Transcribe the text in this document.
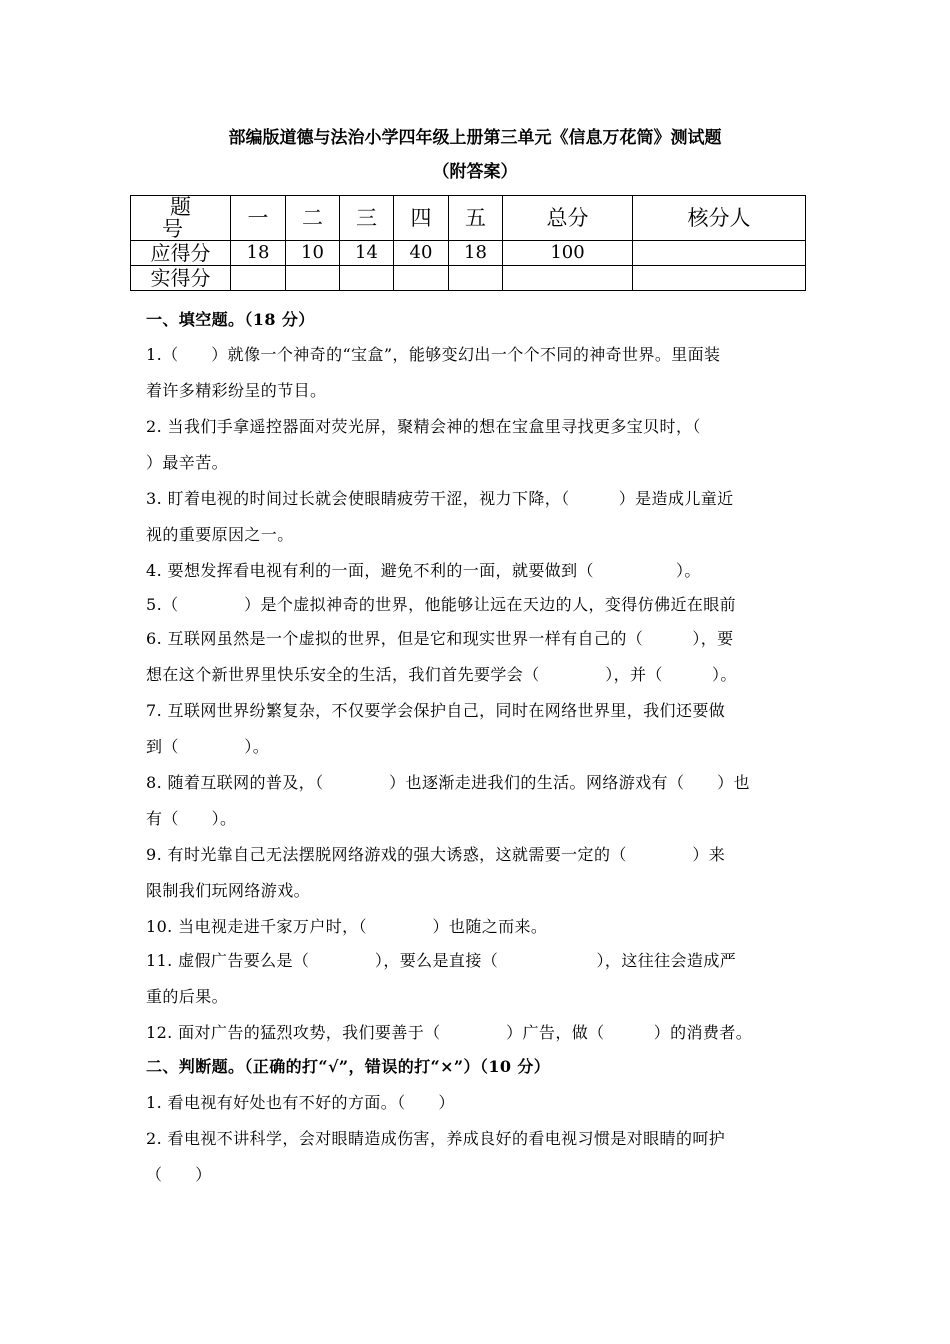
部编版道德与法治小学四年级上册第三单元《信息万花筒》测试题
（附答案）
题 号	一	二	三	四	五	总分	核分人
应得分	18	10	14	40	18	100	
实得分							
一、填空题。（18 分）
1.（　　）就像一个神奇的“宝盒”，能够变幻出一个个不同的神奇世界。里面装
着许多精彩纷呈的节目。
2. 当我们手拿遥控器面对荧光屏，聚精会神的想在宝盒里寻找更多宝贝时，（
）最辛苦。
3. 盯着电视的时间过长就会使眼睛疲劳干涩，视力下降，（　　　）是造成儿童近
视的重要原因之一。
4. 要想发挥看电视有利的一面，避免不利的一面，就要做到（　　　　　）。
5.（　　　　）是个虚拟神奇的世界，他能够让远在天边的人，变得仿佛近在眼前
6. 互联网虽然是一个虚拟的世界，但是它和现实世界一样有自己的（　　　），要
想在这个新世界里快乐安全的生活，我们首先要学会（　　　　），并（　　　）。
7. 互联网世界纷繁复杂，不仅要学会保护自己，同时在网络世界里，我们还要做
到（　　　　）。
8. 随着互联网的普及，（　　　　）也逐渐走进我们的生活。网络游戏有（　　）也
有（　　）。
9. 有时光靠自己无法摆脱网络游戏的强大诱惑，这就需要一定的（　　　　）来
限制我们玩网络游戏。
10. 当电视走进千家万户时，（　　　　）也随之而来。
11. 虚假广告要么是（　　　　），要么是直接（　　　　　　），这往往会造成严
重的后果。
12. 面对广告的猛烈攻势，我们要善于（　　　　）广告，做（　　　）的消费者。
二、判断题。（正确的打“√”，错误的打“×”）（10 分）
1. 看电视有好处也有不好的方面。（　　）
2. 看电视不讲科学，会对眼睛造成伤害，养成良好的看电视习惯是对眼睛的呵护
（　　）
